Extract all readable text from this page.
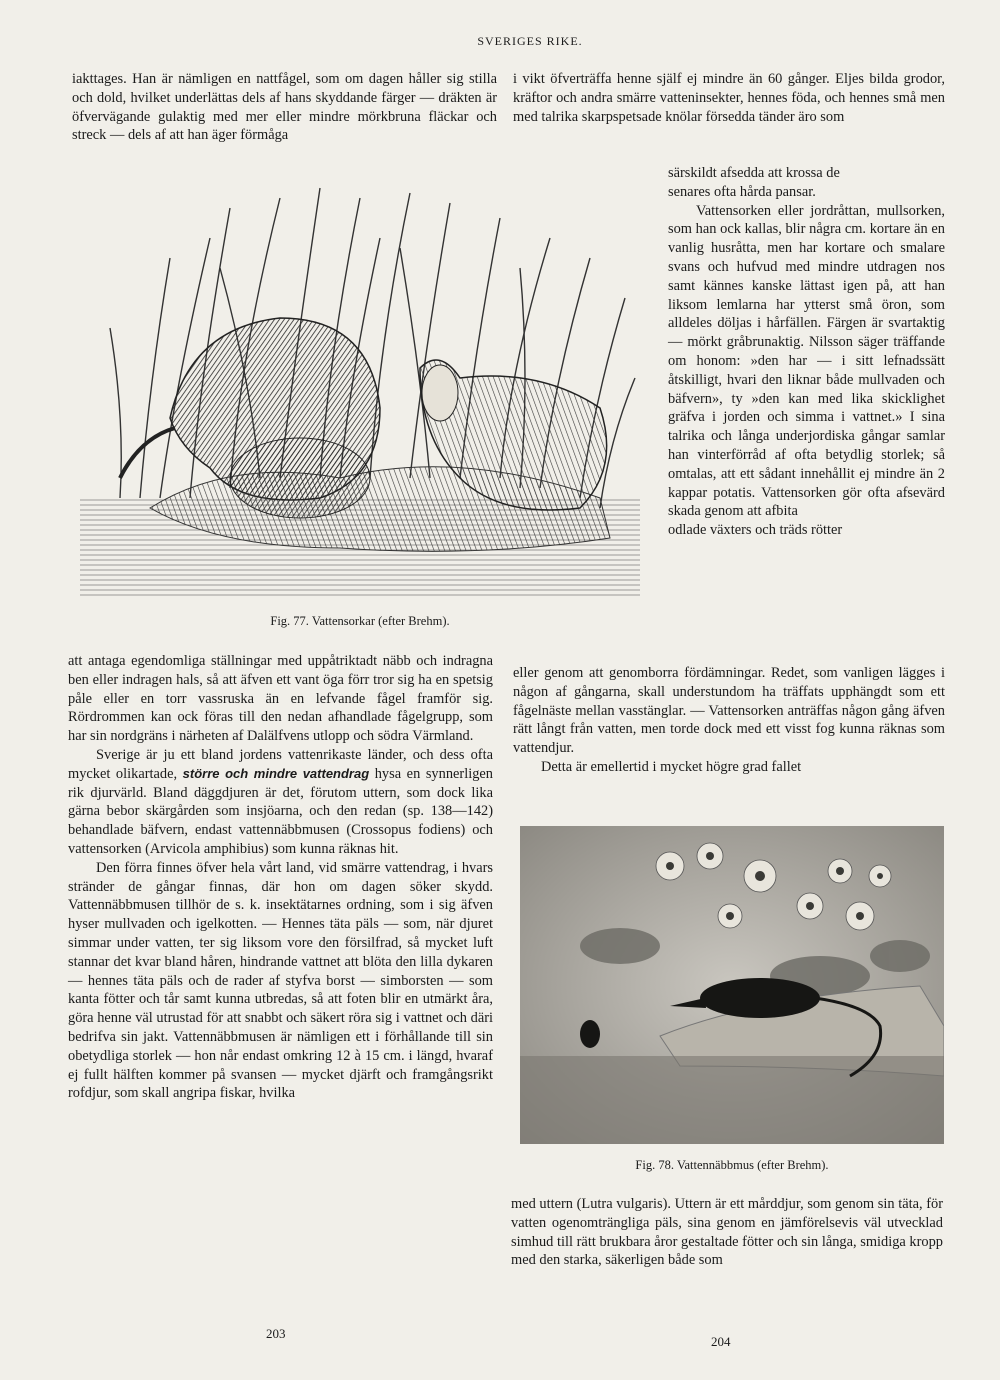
SVERIGES RIKE.

iakttages. Han är nämligen en nattfågel, som om dagen håller sig stilla och dold, hvilket underlättas dels af hans skyddande färger — dräkten är öfvervägande gulaktig med mer eller mindre mörkbruna fläckar och streck — dels af att han äger förmåga

Fig. 77. Vattensorkar (efter Brehm).

i vikt öfverträffa henne själf ej mindre än 60 gånger. Eljes bilda grodor, kräftor och andra smärre vatteninsekter, hennes föda, och hennes små men med talrika skarpspetsade knölar försedda tänder äro som

särskildt afsedda att krossa de

senares ofta hårda pansar.

Vattensorken eller jordråttan, mullsorken, som han ock kallas, blir några cm. kortare än en vanlig husråtta, men har kortare och smalare svans och hufvud med mindre utdragen nos samt kännes kanske lättast igen på, att han liksom lemlarna har ytterst små öron, som alldeles döljas i hårfällen. Färgen är svartaktig — mörkt gråbrunaktig. Nilsson säger träffande om honom: »den har — i sitt lefnadssätt åtskilligt, hvari den liknar både mullvaden och bäfvern», ty »den kan med lika skicklighet gräfva i jorden och simma i vattnet.» I sina talrika och långa underjordiska gångar samlar han vinterförråd af ofta betydlig storlek; så omtalas, att ett sådant innehållit ej mindre än 2 kappar potatis. Vattensorken gör ofta afsevärd skada genom att afbita

odlade växters och träds rötter

att antaga egendomliga ställningar med uppåtriktadt näbb och indragna ben eller indragen hals, så att äfven ett vant öga förr tror sig ha en spetsig påle eller en torr vassruska än en lefvande fågel framför sig. Rördrommen kan ock föras till den nedan afhandlade fågelgrupp, som har sin nordgräns i närheten af Dalälfvens utlopp och södra Värmland.

Sverige är ju ett bland jordens vattenrikaste länder, och dess ofta mycket olikartade, större och mindre vattendrag hysa en synnerligen rik djurvärld. Bland däggdjuren är det, förutom uttern, som dock lika gärna bebor skärgården som insjöarna, och den redan (sp. 138—142) behandlade bäfvern, endast vattennäbbmusen (Crossopus fodiens) och vattensorken (Arvicola amphibius) som kunna räknas hit.

Den förra finnes öfver hela vårt land, vid smärre vattendrag, i hvars stränder de gångar finnas, där hon om dagen söker skydd. Vattennäbbmusen tillhör de s. k. insektätarnes ordning, som i sig äfven hyser mullvaden och igelkotten. — Hennes täta päls — som, när djuret simmar under vatten, ter sig liksom vore den försilfrad, så mycket luft stannar det kvar bland håren, hindrande vattnet att blöta den lilla dykaren — hennes täta päls och de rader af styfva borst — simborsten — som kanta fötter och tår samt kunna utbredas, så att foten blir en utmärkt åra, göra henne väl utrustad för att snabbt och säkert röra sig i vattnet och däri bedrifva sin jakt. Vattennäbbmusen är nämligen ett i förhållande till sin obetydliga storlek — hon når endast omkring 12 à 15 cm. i längd, hvaraf ej fullt hälften kommer på svansen — mycket djärft och framgångsrikt rofdjur, som skall angripa fiskar, hvilka

203

eller genom att genomborra fördämningar. Redet, som vanligen lägges i någon af gångarna, skall understundom ha träffats upphängdt som ett fågelnäste mellan vasstänglar. — Vattensorken anträffas någon gång äfven rätt långt från vatten, men torde dock med ett visst fog kunna räknas som vattendjur.

Detta är emellertid i mycket högre grad fallet

Fig. 78. Vattennäbbmus (efter Brehm).

med uttern (Lutra vulgaris). Uttern är ett mårddjur, som genom sin täta, för vatten ogenomträngliga päls, sina genom en jämförelsevis väl utvecklad simhud till rätt brukbara åror gestaltade fötter och sin långa, smidiga kropp med den starka, säkerligen både som

204
